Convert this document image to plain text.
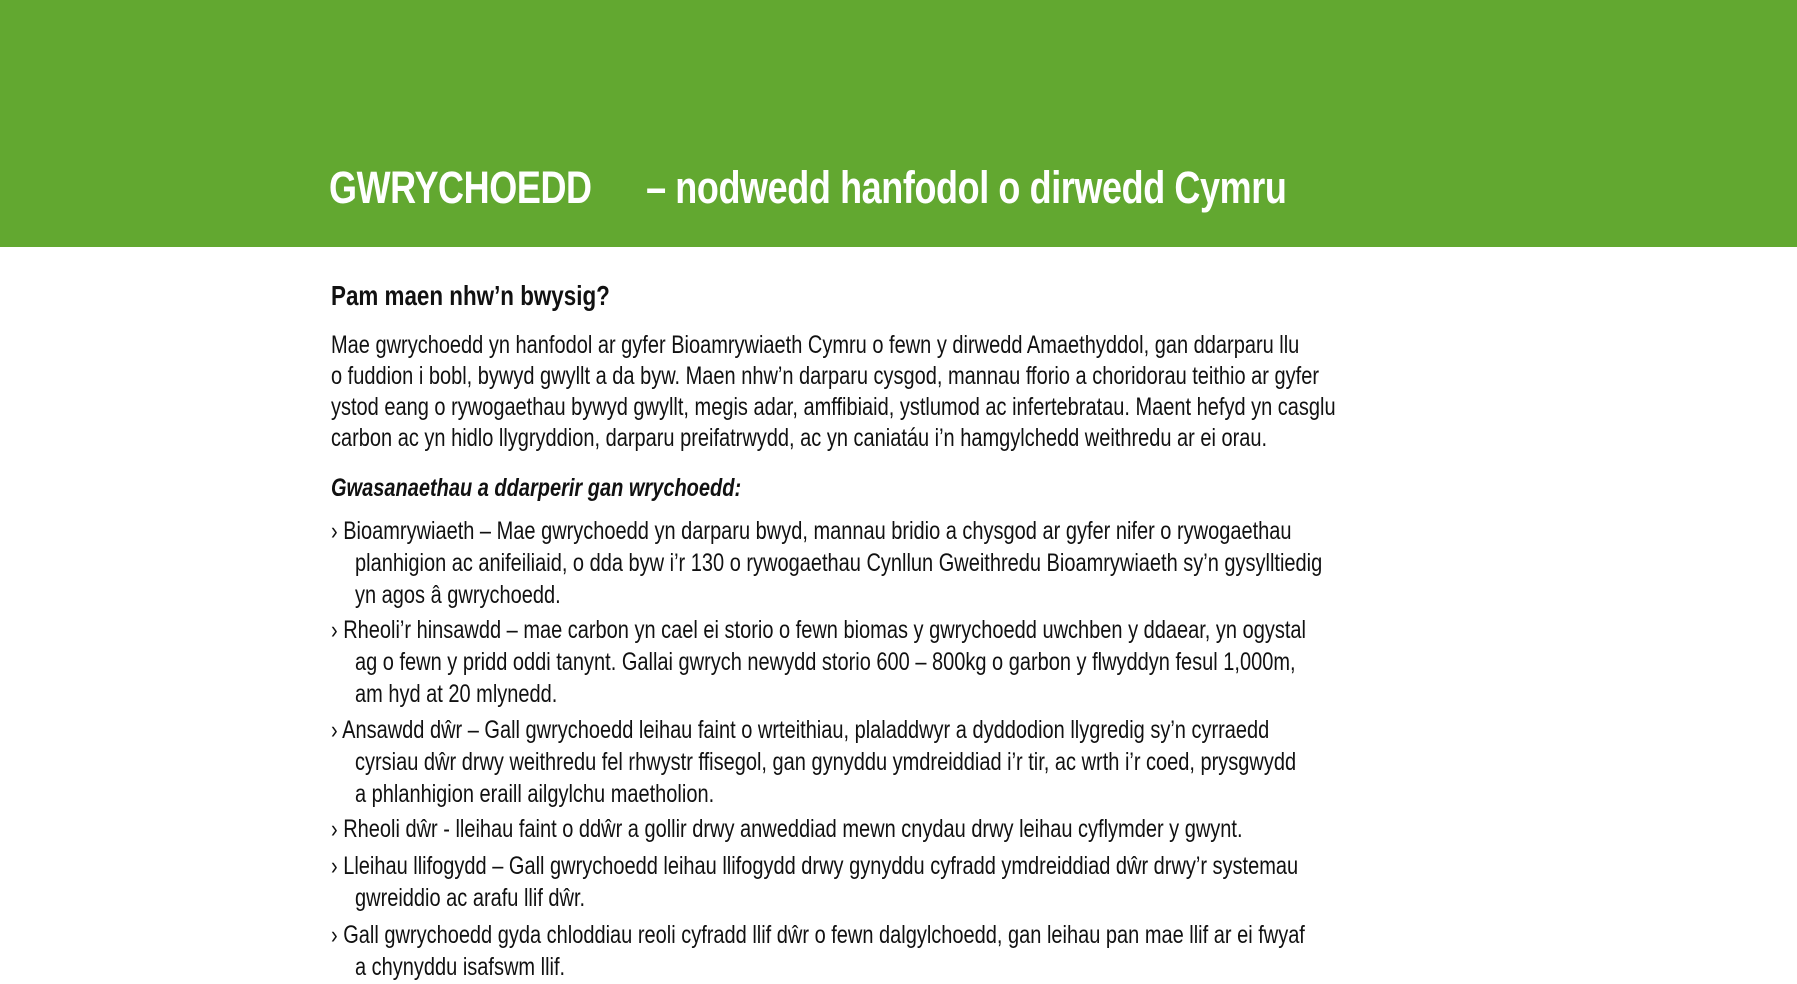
GWRYCHOEDD – nodwedd hanfodol o dirwedd Cymru
Pam maen nhw’n bwysig?
Mae gwrychoedd yn hanfodol ar gyfer Bioamrywiaeth Cymru o fewn y dirwedd Amaethyddol, gan ddarparu llu
o fuddion i bobl, bywyd gwyllt a da byw. Maen nhw’n darparu cysgod, mannau fforio a choridorau teithio ar gyfer
ystod eang o rywogaethau bywyd gwyllt, megis adar, amffibiaid, ystlumod ac infertebratau. Maent hefyd yn casglu
carbon ac yn hidlo llygryddion, darparu preifatrwydd, ac yn caniatáu i’n hamgylchedd weithredu ar ei orau.
Gwasanaethau a ddarperir gan wrychoedd:
› Bioamrywiaeth – Mae gwrychoedd yn darparu bwyd, mannau bridio a chysgod ar gyfer nifer o rywogaethau
planhigion ac anifeiliaid, o dda byw i’r 130 o rywogaethau Cynllun Gweithredu Bioamrywiaeth sy’n gysylltiedig
yn agos â gwrychoedd.
› Rheoli’r hinsawdd – mae carbon yn cael ei storio o fewn biomas y gwrychoedd uwchben y ddaear, yn ogystal
ag o fewn y pridd oddi tanynt. Gallai gwrych newydd storio 600 – 800kg o garbon y flwyddyn fesul 1,000m,
am hyd at 20 mlynedd.
› Ansawdd dŵr – Gall gwrychoedd leihau faint o wrteithiau, plaladdwyr a dyddodion llygredig sy’n cyrraedd
cyrsiau dŵr drwy weithredu fel rhwystr ffisegol, gan gynyddu ymdreiddiad i’r tir, ac wrth i’r coed, prysgwydd
a phlanhigion eraill ailgylchu maetholion.
› Rheoli dŵr - lleihau faint o ddŵr a gollir drwy anweddiad mewn cnydau drwy leihau cyflymder y gwynt.
› Lleihau llifogydd – Gall gwrychoedd leihau llifogydd drwy gynyddu cyfradd ymdreiddiad dŵr drwy’r systemau
gwreiddio ac arafu llif dŵr.
› Gall gwrychoedd gyda chloddiau reoli cyfradd llif dŵr o fewn dalgylchoedd, gan leihau pan mae llif ar ei fwyaf
a chynyddu isafswm llif.
